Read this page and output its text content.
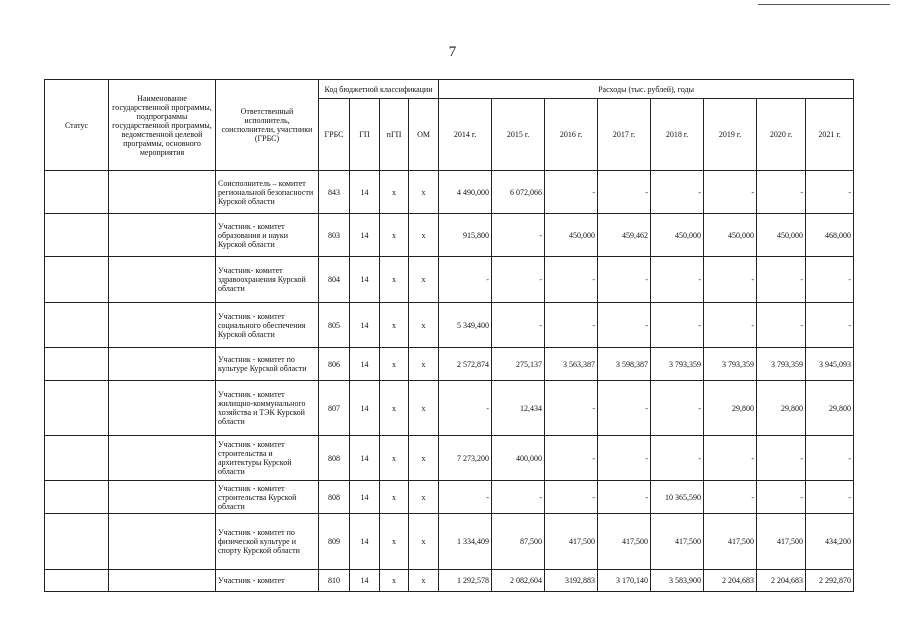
7
Статус	Наименование государственной программы, подпрограммы государственной программы, ведомственной целевой программы, основного мероприятия	Ответственный исполнитель, соисполнители, участники (ГРБС)	Код бюджетной классификации				Расходы (тыс. рублей), годы							
			ГРБС	ГП	пГП	ОМ	2014 г.	2015 г.	2016 г.	2017 г.	2018 г.	2019 г.	2020 г.	2021 г.
		Соисполнитель – комитет региональной безопасности Курской области	843	14	х	х	4 490,000	6 072,066	-	-	-	-	-	-
		Участник - комитет образования и науки Курской области	803	14	х	х	915,800	-	450,000	459,462	450,000	450,000	450,000	468,000
		Участник- комитет здравоохранения Курской области	804	14	х	х	-	-	-	-	-	-	-	-
		Участник - комитет социального обеспечения Курской области	805	14	х	х	5 349,400	-	-	-	-	-	-	-
		Участник - комитет по культуре Курской области	806	14	х	х	2 572,874	275,137	3 563,387	3 598,387	3 793,359	3 793,359	3 793,359	3 945,093
		Участник - комитет жилищно-коммунального хозяйства и ТЭК Курской области	807	14	х	х	-	12,434	-	-	-	29,800	29,800	29,800
		Участник - комитет строительства и архитектуры Курской области	808	14	х	х	7 273,200	400,000	-	-	-	-	-	-
		Участник - комитет строительства Курской области	808	14	х	х	-	-	-	-	10 365,590	-	-	-
		Участник - комитет по физической культуре и спорту Курской области	809	14	х	х	1 334,409	87,500	417,500	417,500	417,500	417,500	417,500	434,200
		Участник - комитет	810	14	х	х	1 292,578	2 082,604	3192,883	3 170,140	3 583,900	2 204,683	2 204,683	2 292,870
